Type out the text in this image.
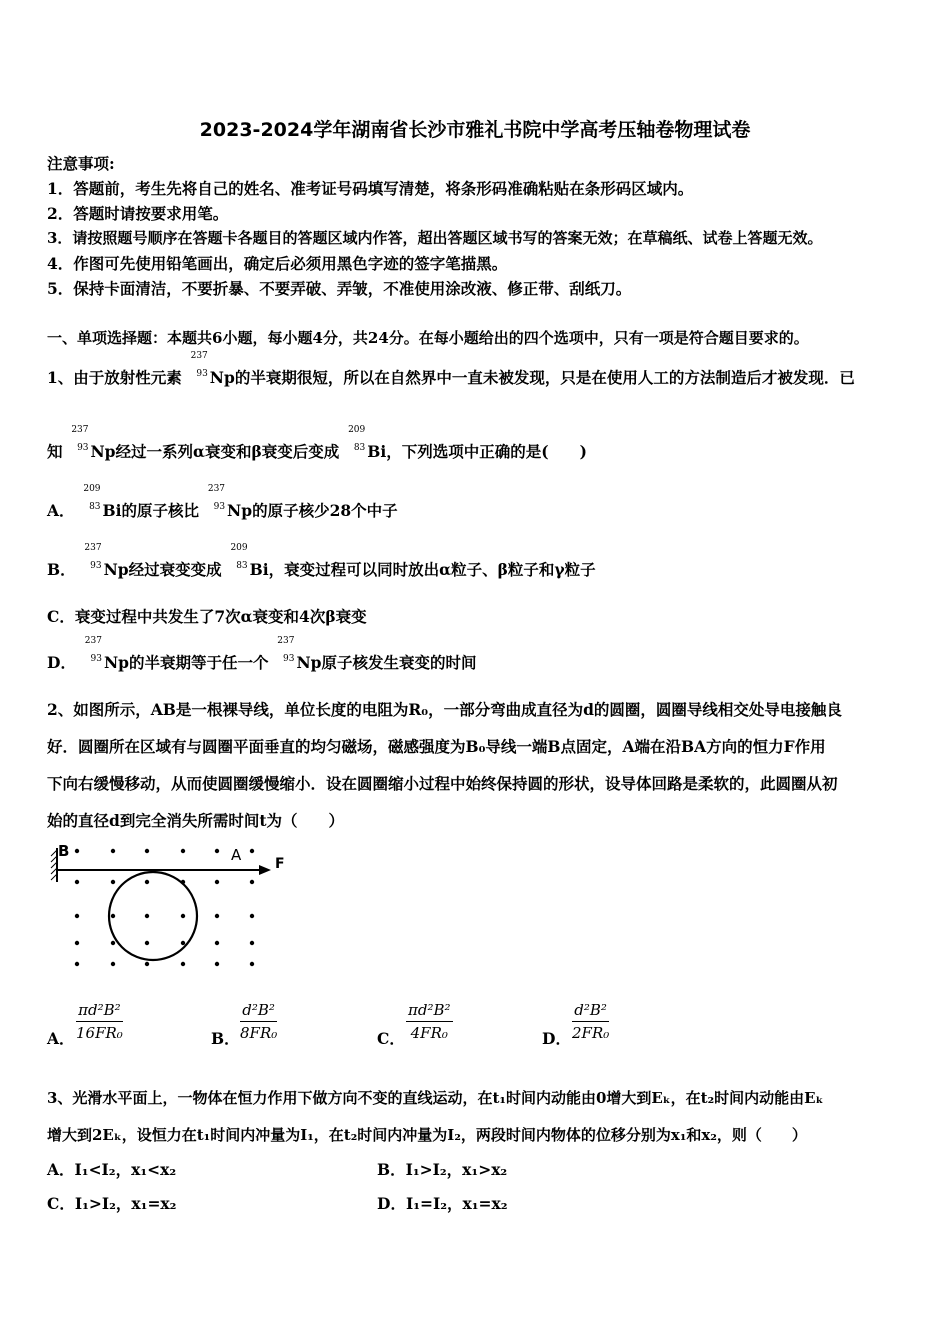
2023-2024学年湖南省长沙市雅礼书院中学高考压轴卷物理试卷
注意事项:
1．答题前，考生先将自己的姓名、准考证号码填写清楚，将条形码准确粘贴在条形码区域内。
2．答题时请按要求用笔。
3．请按照题号顺序在答题卡各题目的答题区域内作答，超出答题区域书写的答案无效；在草稿纸、试卷上答题无效。
4．作图可先使用铅笔画出，确定后必须用黑色字迹的签字笔描黑。
5．保持卡面清洁，不要折暴、不要弄破、弄皱，不准使用涂改液、修正带、刮纸刀。
一、单项选择题：本题共6小题，每小题4分，共24分。在每小题给出的四个选项中，只有一项是符合题目要求的。
1、由于放射性元素
237
93 Np的半衰期很短，所以在自然界中一直未被发现，只是在使用人工的方法制造后才被发现．已
知
237
93 Np经过一系列α衰变和β衰变后变成
209
83 Bi，下列选项中正确的是(　　)
A．
209
83 Bi的原子核比
237
93 Np的原子核少28个中子
B．
237
93 Np经过衰变变成
209
83 Bi，衰变过程可以同时放出α粒子、β粒子和γ粒子
C．衰变过程中共发生了7次α衰变和4次β衰变
D．
237
93 Np的半衰期等于任一个
237
93 Np原子核发生衰变的时间
2、如图所示，AB是一根裸导线，单位长度的电阻为R₀，一部分弯曲成直径为d的圆圈，圆圈导线相交处导电接触良
好．圆圈所在区域有与圆圈平面垂直的均匀磁场，磁感强度为B₀导线一端B点固定，A端在沿BA方向的恒力F作用
下向右缓慢移动，从而使圆圈缓慢缩小．设在圆圈缩小过程中始终保持圆的形状，设导体回路是柔软的，此圆圈从初
始的直径d到完全消失所需时间t为（　　）
B	A F
A． $\frac{\text{πd²B²}}{\text{16FR₀}}$	B． $\frac{\text{d²B²}}{\text{8FR₀}}$	C． $\frac{\text{πd²B²}}{\text{4FR₀}}$	D． $\frac{\text{d²B²}}{\text{2FR₀}}$
3、光滑水平面上，一物体在恒力作用下做方向不变的直线运动，在t₁时间内动能由0增大到Eₖ，在t₂时间内动能由Eₖ
增大到2Eₖ，设恒力在t₁时间内冲量为I₁，在t₂时间内冲量为I₂，两段时间内物体的位移分别为x₁和x₂，则（　　）
A．I₁<I₂，x₁<x₂	B．I₁>I₂，x₁>x₂
C．I₁>I₂，x₁=x₂	D．I₁=I₂，x₁=x₂
